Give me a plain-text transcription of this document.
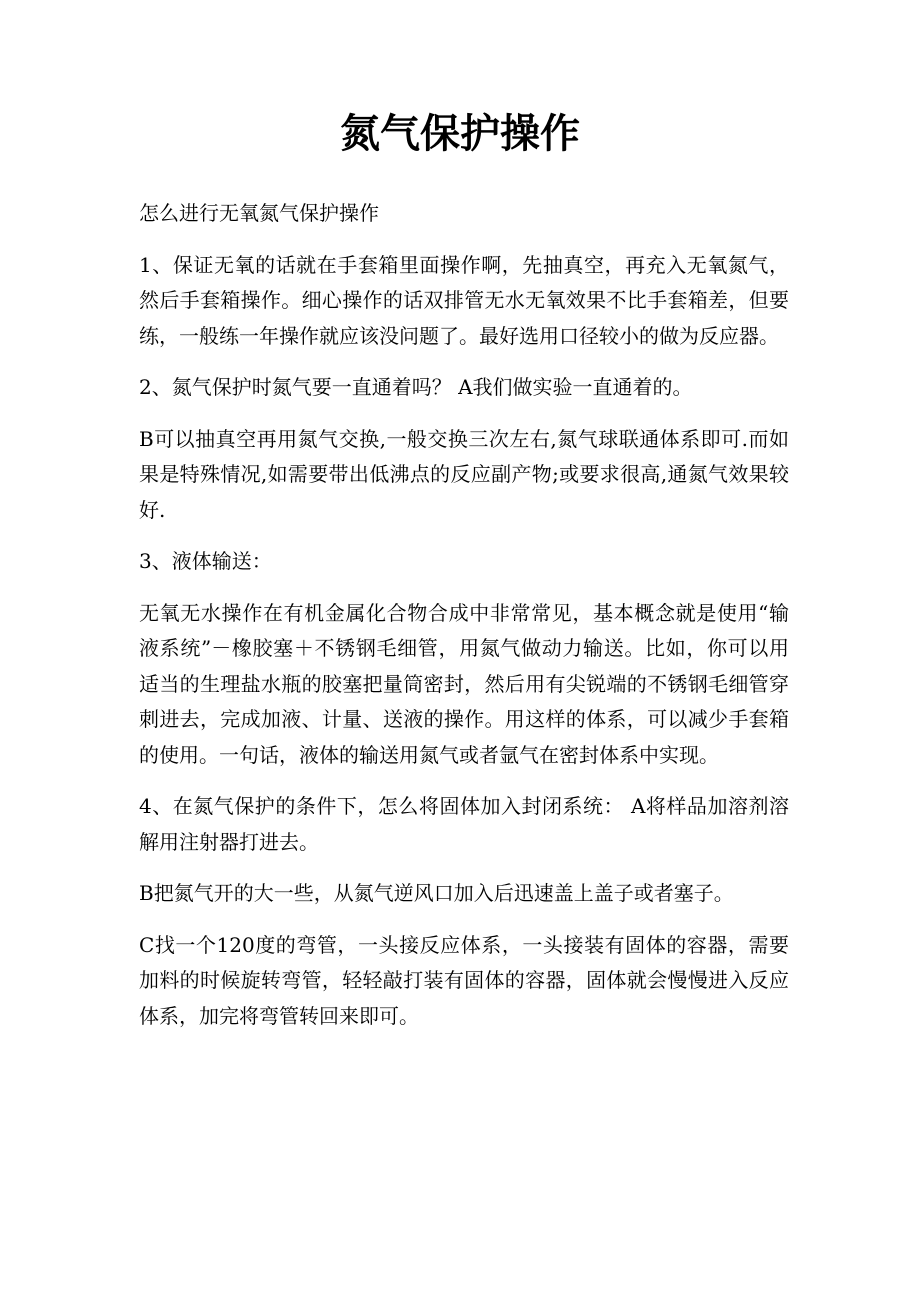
氮气保护操作

怎么进行无氧氮气保护操作

1、保证无氧的话就在手套箱里面操作啊，先抽真空，再充入无氧氮气，然后手套箱操作。细心操作的话双排管无水无氧效果不比手套箱差，但要练，一般练一年操作就应该没问题了。最好选用口径较小的做为反应器。

2、氮气保护时氮气要一直通着吗？ A我们做实验一直通着的。

B可以抽真空再用氮气交换,一般交换三次左右,氮气球联通体系即可.而如果是特殊情况,如需要带出低沸点的反应副产物;或要求很高,通氮气效果较好.

3、液体输送：

无氧无水操作在有机金属化合物合成中非常常见，基本概念就是使用“输液系统”－橡胶塞＋不锈钢毛细管，用氮气做动力输送。比如，你可以用适当的生理盐水瓶的胶塞把量筒密封，然后用有尖锐端的不锈钢毛细管穿刺进去，完成加液、计量、送液的操作。用这样的体系，可以减少手套箱的使用。一句话，液体的输送用氮气或者氩气在密封体系中实现。

4、在氮气保护的条件下，怎么将固体加入封闭系统： A将样品加溶剂溶解用注射器打进去。

B把氮气开的大一些，从氮气逆风口加入后迅速盖上盖子或者塞子。

C找一个120度的弯管，一头接反应体系，一头接装有固体的容器，需要加料的时候旋转弯管，轻轻敲打装有固体的容器，固体就会慢慢进入反应体系，加完将弯管转回来即可。
